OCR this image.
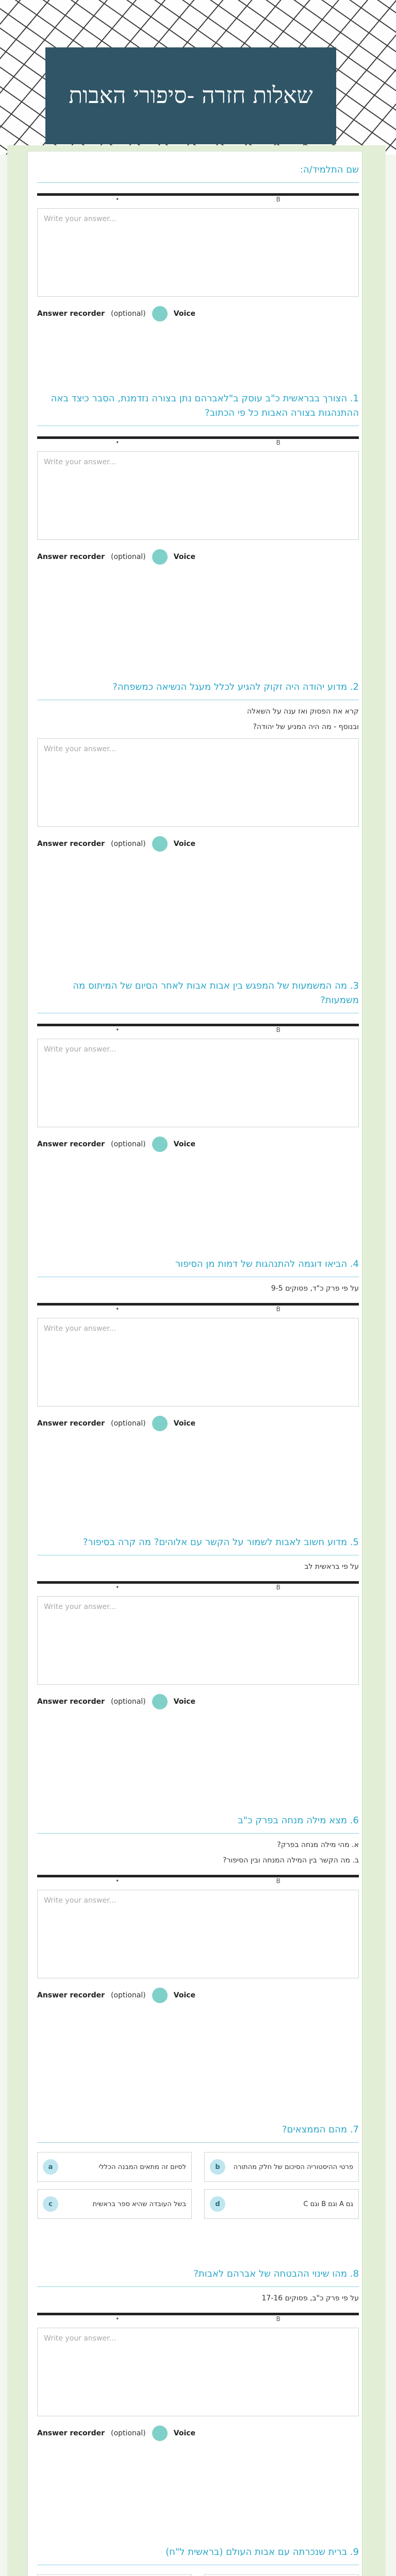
שאלות חזרה -סיפורי האבות

שם התלמיד/ה:

•	B
Write your answer...
Answer recorder (optional)	Voice

1. הצורך בבראשית כ"ב עוסק ב"לאברהם נתן בצורה נזדמנת, הסבר כיצד באה ההתנהגות בצורה האבות כל פי הכתוב?

•	B
Write your answer...
Answer recorder (optional)	Voice

2. מדוע יהודה היה זקוק להגיע לכלל מעגל הנשיאה כמשפחה?

קרא את הפסוק ואז ענה על השאלה
ובנוסף - מה היה המניע של יהודה?
Write your answer...
Answer recorder (optional)	Voice

3. מה המשמעות של המפגש בין אבות אבות לאחר הסיום של המיתוס מה משמעות?

•	B
Write your answer...
Answer recorder (optional)	Voice

4. הביאו דוגמה להתנהגות של דמות מן הסיפור

על פי פרק כ"ד, פסוקים 9-5
•	B
Write your answer...
Answer recorder (optional)	Voice

5. מדוע חשוב לאבות לשמור על הקשר עם אלוהים? מה קרה בסיפור?

על פי בראשית לב
•	B
Write your answer...
Answer recorder (optional)	Voice

6. מצא מילה מנחה בפרק כ"ב

א. מהי מילה מנחה בפרק?
ב. מה הקשר בין המילה המנחה ובין הסיפור?
•	B
Write your answer...
Answer recorder (optional)	Voice

7. מהם הממצאים?

a	לסיום זה מתאים המבנה הכללי	b	פרטי ההיסטוריה הסיכום של חלק מהתורה
c	בשל העובדה שהיא ספר בראשית	d	גם A וגם B וגם C

8. מהו שינוי ההבטחה של אברהם לאבות?

על פי פרק כ"ב, פסוקים 17-16
•	B
Write your answer...
Answer recorder (optional)	Voice

9. ברית שנכרתה עם אבות העולם (בראשית ל"ח)
